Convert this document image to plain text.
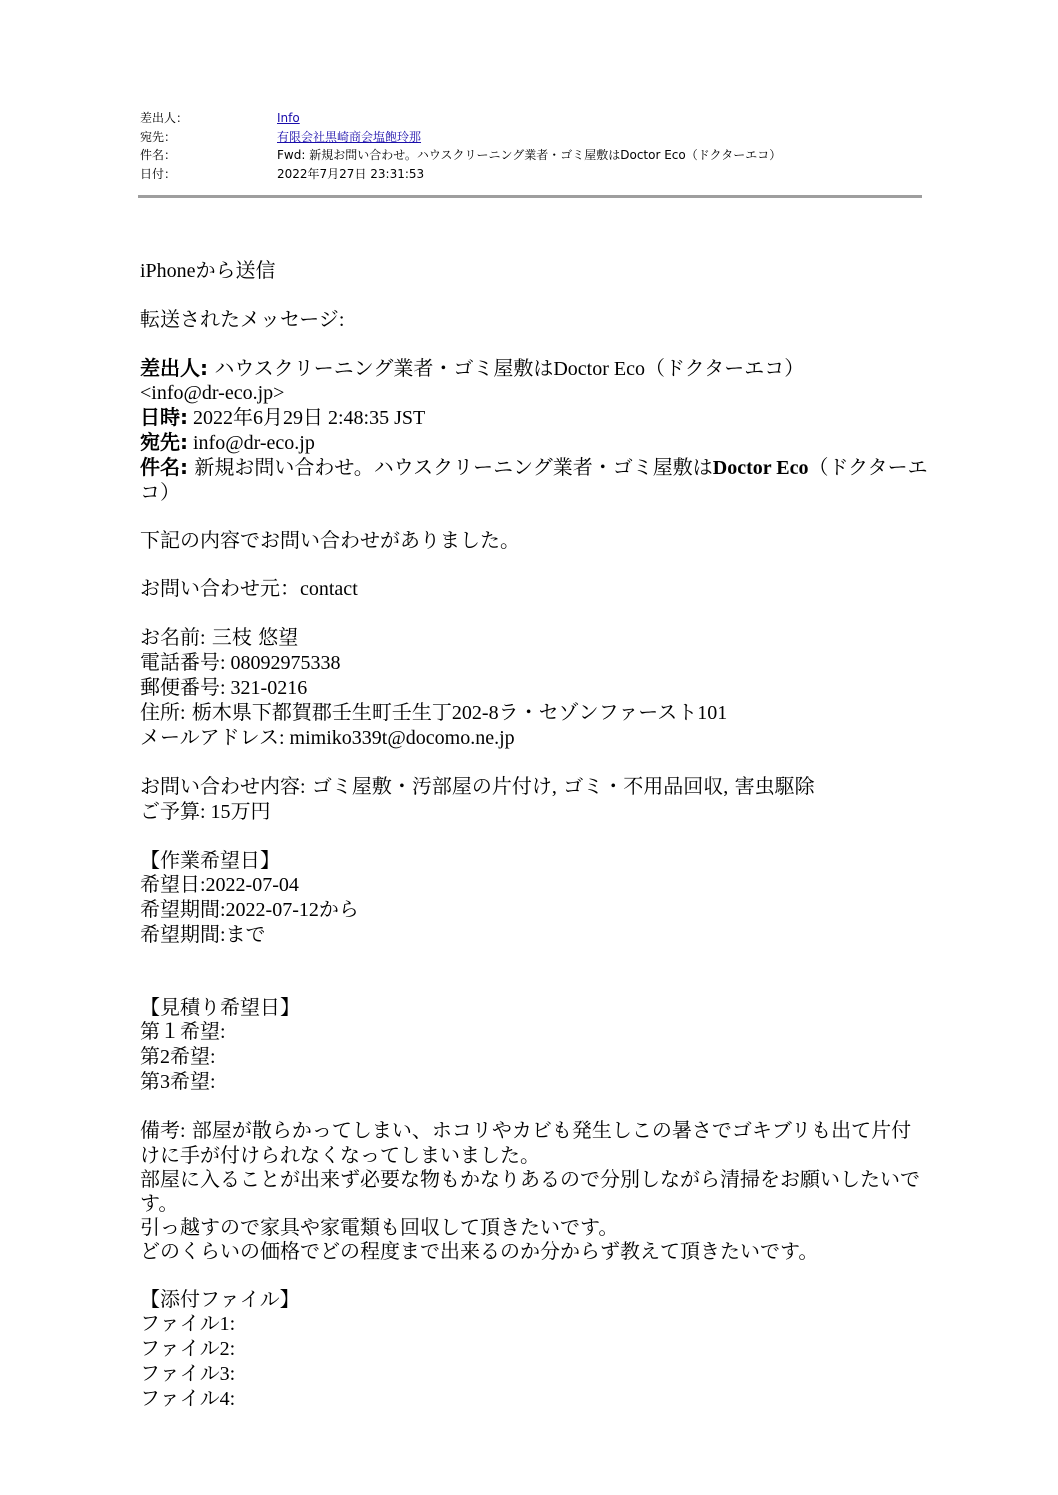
差出人：	Info
宛先：	有限会社黒崎商会塩飽玲那
件名：	Fwd: 新規お問い合わせ。ハウスクリーニング業者・ゴミ屋敷はDoctor Eco（ドクターエコ）
日付：	2022年7月27日 23:31:53
iPhoneから送信
転送されたメッセージ:
差出人: ハウスクリーニング業者・ゴミ屋敷はDoctor Eco（ドクターエコ）
<info@dr-eco.jp>
日時: 2022年6月29日 2:48:35 JST
宛先: info@dr-eco.jp
件名: 新規お問い合わせ。ハウスクリーニング業者・ゴミ屋敷はDoctor Eco（ドクターエコ）
下記の内容でお問い合わせがありました。
お問い合わせ元：contact
お名前: 三枝 悠望
電話番号: 08092975338
郵便番号: 321-0216
住所: 栃木県下都賀郡壬生町壬生丁202-8ラ・セゾンファースト101
メールアドレス: mimiko339t@docomo.ne.jp
お問い合わせ内容: ゴミ屋敷・汚部屋の片付け, ゴミ・不用品回収, 害虫駆除
ご予算: 15万円
【作業希望日】
希望日:2022-07-04
希望期間:2022-07-12から
希望期間:まで
【見積り希望日】
第１希望:
第2希望:
第3希望:
備考: 部屋が散らかってしまい、ホコリやカビも発生しこの暑さでゴキブリも出て片付けに手が付けられなくなってしまいました。
部屋に入ることが出来ず必要な物もかなりあるので分別しながら清掃をお願いしたいです。
引っ越すので家具や家電類も回収して頂きたいです。
どのくらいの価格でどの程度まで出来るのか分からず教えて頂きたいです。
【添付ファイル】
ファイル1:
ファイル2:
ファイル3:
ファイル4:
